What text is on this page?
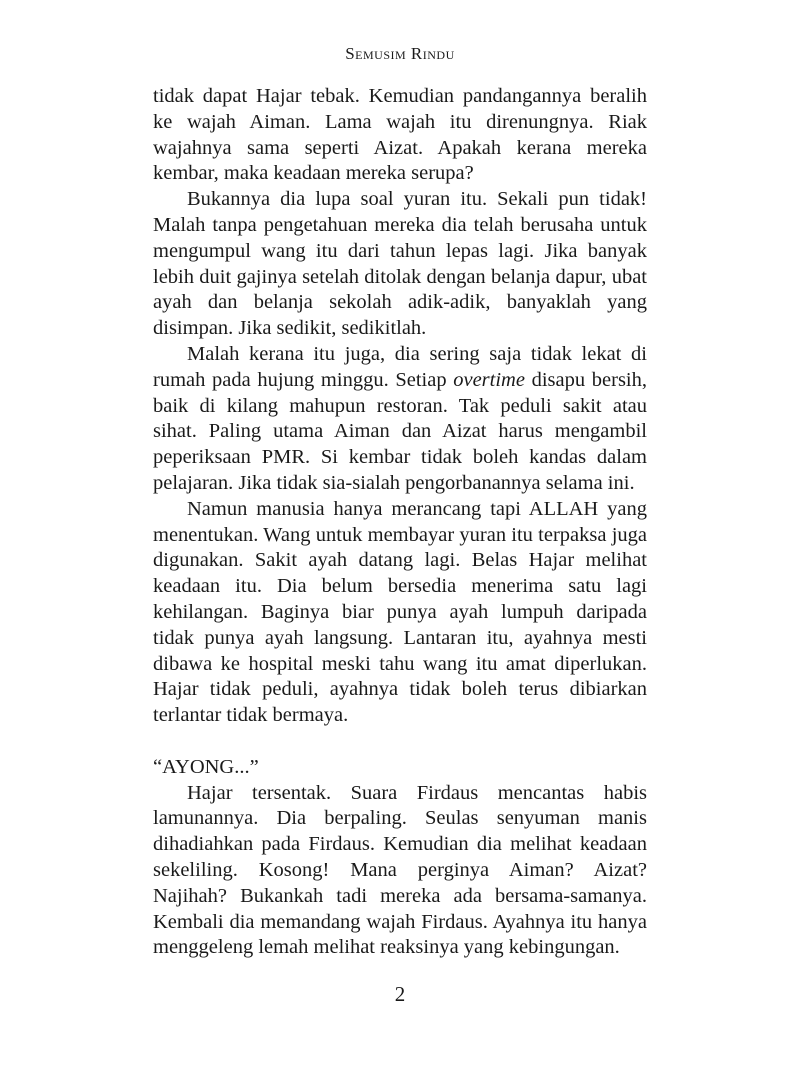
Semusim Rindu

tidak dapat Hajar tebak. Kemudian pandangannya beralih ke wajah Aiman. Lama wajah itu direnungnya. Riak wajahnya sama seperti Aizat. Apakah kerana mereka kembar, maka keadaan mereka serupa?

Bukannya dia lupa soal yuran itu. Sekali pun tidak! Malah tanpa pengetahuan mereka dia telah berusaha untuk mengumpul wang itu dari tahun lepas lagi. Jika banyak lebih duit gajinya setelah ditolak dengan belanja dapur, ubat ayah dan belanja sekolah adik-adik, banyaklah yang disimpan. Jika sedikit, sedikitlah.

Malah kerana itu juga, dia sering saja tidak lekat di rumah pada hujung minggu. Setiap overtime disapu bersih, baik di kilang mahupun restoran. Tak peduli sakit atau sihat. Paling utama Aiman dan Aizat harus mengambil peperiksaan PMR. Si kembar tidak boleh kandas dalam pelajaran. Jika tidak sia-sialah pengorbanannya selama ini.

Namun manusia hanya merancang tapi ALLAH yang menentukan. Wang untuk membayar yuran itu terpaksa juga digunakan. Sakit ayah datang lagi. Belas Hajar melihat keadaan itu. Dia belum bersedia menerima satu lagi kehilangan. Baginya biar punya ayah lumpuh daripada tidak punya ayah langsung. Lantaran itu, ayahnya mesti dibawa ke hospital meski tahu wang itu amat diperlukan. Hajar tidak peduli, ayahnya tidak boleh terus dibiarkan terlantar tidak bermaya.

“AYONG...”

Hajar tersentak. Suara Firdaus mencantas habis lamunannya. Dia berpaling. Seulas senyuman manis dihadiahkan pada Firdaus. Kemudian dia melihat keadaan sekeliling. Kosong! Mana perginya Aiman? Aizat? Najihah? Bukankah tadi mereka ada bersama-samanya. Kembali dia memandang wajah Firdaus. Ayahnya itu hanya menggeleng lemah melihat reaksinya yang kebingungan.

2
